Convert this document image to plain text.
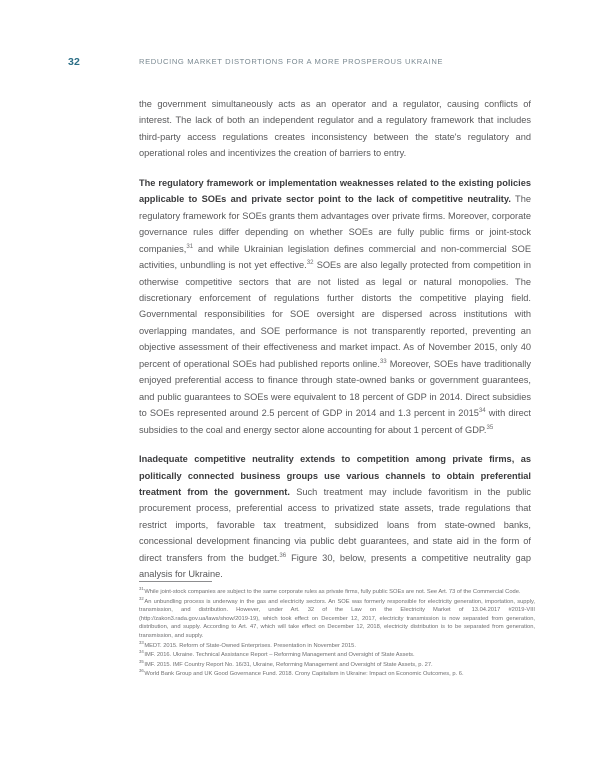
32	REDUCING MARKET DISTORTIONS FOR A MORE PROSPEROUS UKRAINE

the government simultaneously acts as an operator and a regulator, causing conflicts of interest. The lack of both an independent regulator and a regulatory framework that includes third-party access regulations creates inconsistency between the state's regulatory and operational roles and incentivizes the creation of barriers to entry.

The regulatory framework or implementation weaknesses related to the existing policies applicable to SOEs and private sector point to the lack of competitive neutrality. The regulatory framework for SOEs grants them advantages over private firms. Moreover, corporate governance rules differ depending on whether SOEs are fully public firms or joint-stock companies,$^{31}$ and while Ukrainian legislation defines commercial and non-commercial SOE activities, unbundling is not yet effective.$^{32}$ SOEs are also legally protected from competition in otherwise competitive sectors that are not listed as legal or natural monopolies. The discretionary enforcement of regulations further distorts the competitive playing field. Governmental responsibilities for SOE oversight are dispersed across institutions with overlapping mandates, and SOE performance is not transparently reported, preventing an objective assessment of their effectiveness and market impact. As of November 2015, only 40 percent of operational SOEs had published reports online.$^{33}$ Moreover, SOEs have traditionally enjoyed preferential access to finance through state-owned banks or government guarantees, and public guarantees to SOEs were equivalent to 18 percent of GDP in 2014. Direct subsidies to SOEs represented around 2.5 percent of GDP in 2014 and 1.3 percent in 2015$^{34}$ with direct subsidies to the coal and energy sector alone accounting for about 1 percent of GDP.$^{35}$

Inadequate competitive neutrality extends to competition among private firms, as politically connected business groups use various channels to obtain preferential treatment from the government. Such treatment may include favoritism in the public procurement process, preferential access to privatized state assets, trade regulations that restrict imports, favorable tax treatment, subsidized loans from state-owned banks, concessional development financing via public debt guarantees, and state aid in the form of direct transfers from the budget.$^{36}$ Figure 30, below, presents a competitive neutrality gap analysis for Ukraine.

$^{31}$While joint-stock companies are subject to the same corporate rules as private firms, fully public SOEs are not. See Art. 73 of the Commercial Code.

$^{32}$An unbundling process is underway in the gas and electricity sectors. An SOE was formerly responsible for electricity generation, importation, supply, transmission, and distribution. However, under Art. 32 of the Law on the Electricity Market of 13.04.2017 #2019-VIII (http://zakon3.rada.gov.ua/laws/show/2019-19), which took effect on December 12, 2017, electricity transmission is now separated from generation, distribution, and supply. According to Art. 47, which will take effect on December 12, 2018, electricity distribution is to be separated from generation, transmission, and supply.

$^{33}$MEDT. 2015. Reform of State-Owned Enterprises. Presentation in November 2015.

$^{34}$IMF. 2016. Ukraine. Technical Assistance Report – Reforming Management and Oversight of State Assets.

$^{35}$IMF. 2015. IMF Country Report No. 16/31, Ukraine, Reforming Management and Oversight of State Assets, p. 27.

$^{36}$World Bank Group and UK Good Governance Fund. 2018. Crony Capitalism in Ukraine: Impact on Economic Outcomes, p. 6.
